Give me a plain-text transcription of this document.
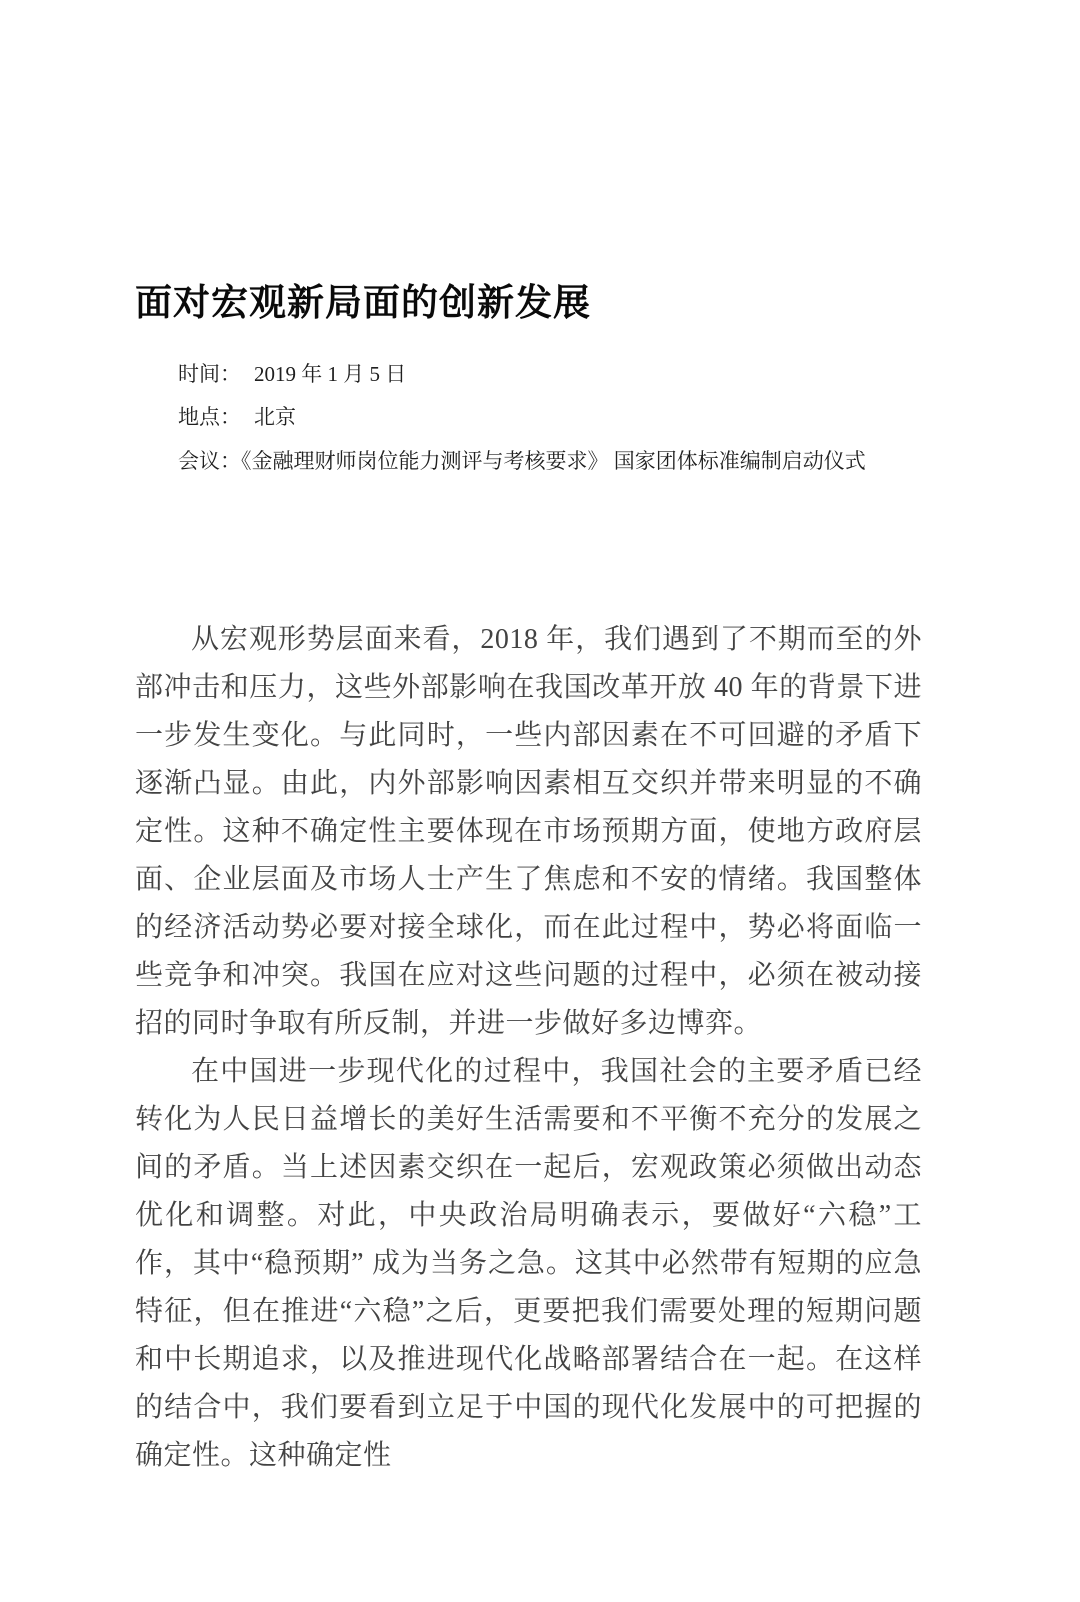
面对宏观新局面的创新发展
时间： 2019 年 1 月 5 日
地点： 北京
会议：《金融理财师岗位能力测评与考核要求》 国家团体标准编制启动仪式

从宏观形势层面来看，2018 年，我们遇到了不期而至的外部冲击和压力，这些外部影响在我国改革开放 40 年的背景下进一步发生变化。与此同时，一些内部因素在不可回避的矛盾下逐渐凸显。由此，内外部影响因素相互交织并带来明显的不确定性。这种不确定性主要体现在市场预期方面，使地方政府层面、企业层面及市场人士产生了焦虑和不安的情绪。我国整体的经济活动势必要对接全球化，而在此过程中，势必将面临一些竞争和冲突。我国在应对这些问题的过程中，必须在被动接招的同时争取有所反制，并进一步做好多边博弈。

在中国进一步现代化的过程中，我国社会的主要矛盾已经转化为人民日益增长的美好生活需要和不平衡不充分的发展之间的矛盾。当上述因素交织在一起后，宏观政策必须做出动态优化和调整。对此，中央政治局明确表示，要做好“六稳”工作，其中“稳预期” 成为当务之急。这其中必然带有短期的应急特征，但在推进“六稳”之后，更要把我们需要处理的短期问题和中长期追求，以及推进现代化战略部署结合在一起。在这样的结合中，我们要看到立足于中国的现代化发展中的可把握的确定性。这种确定性
